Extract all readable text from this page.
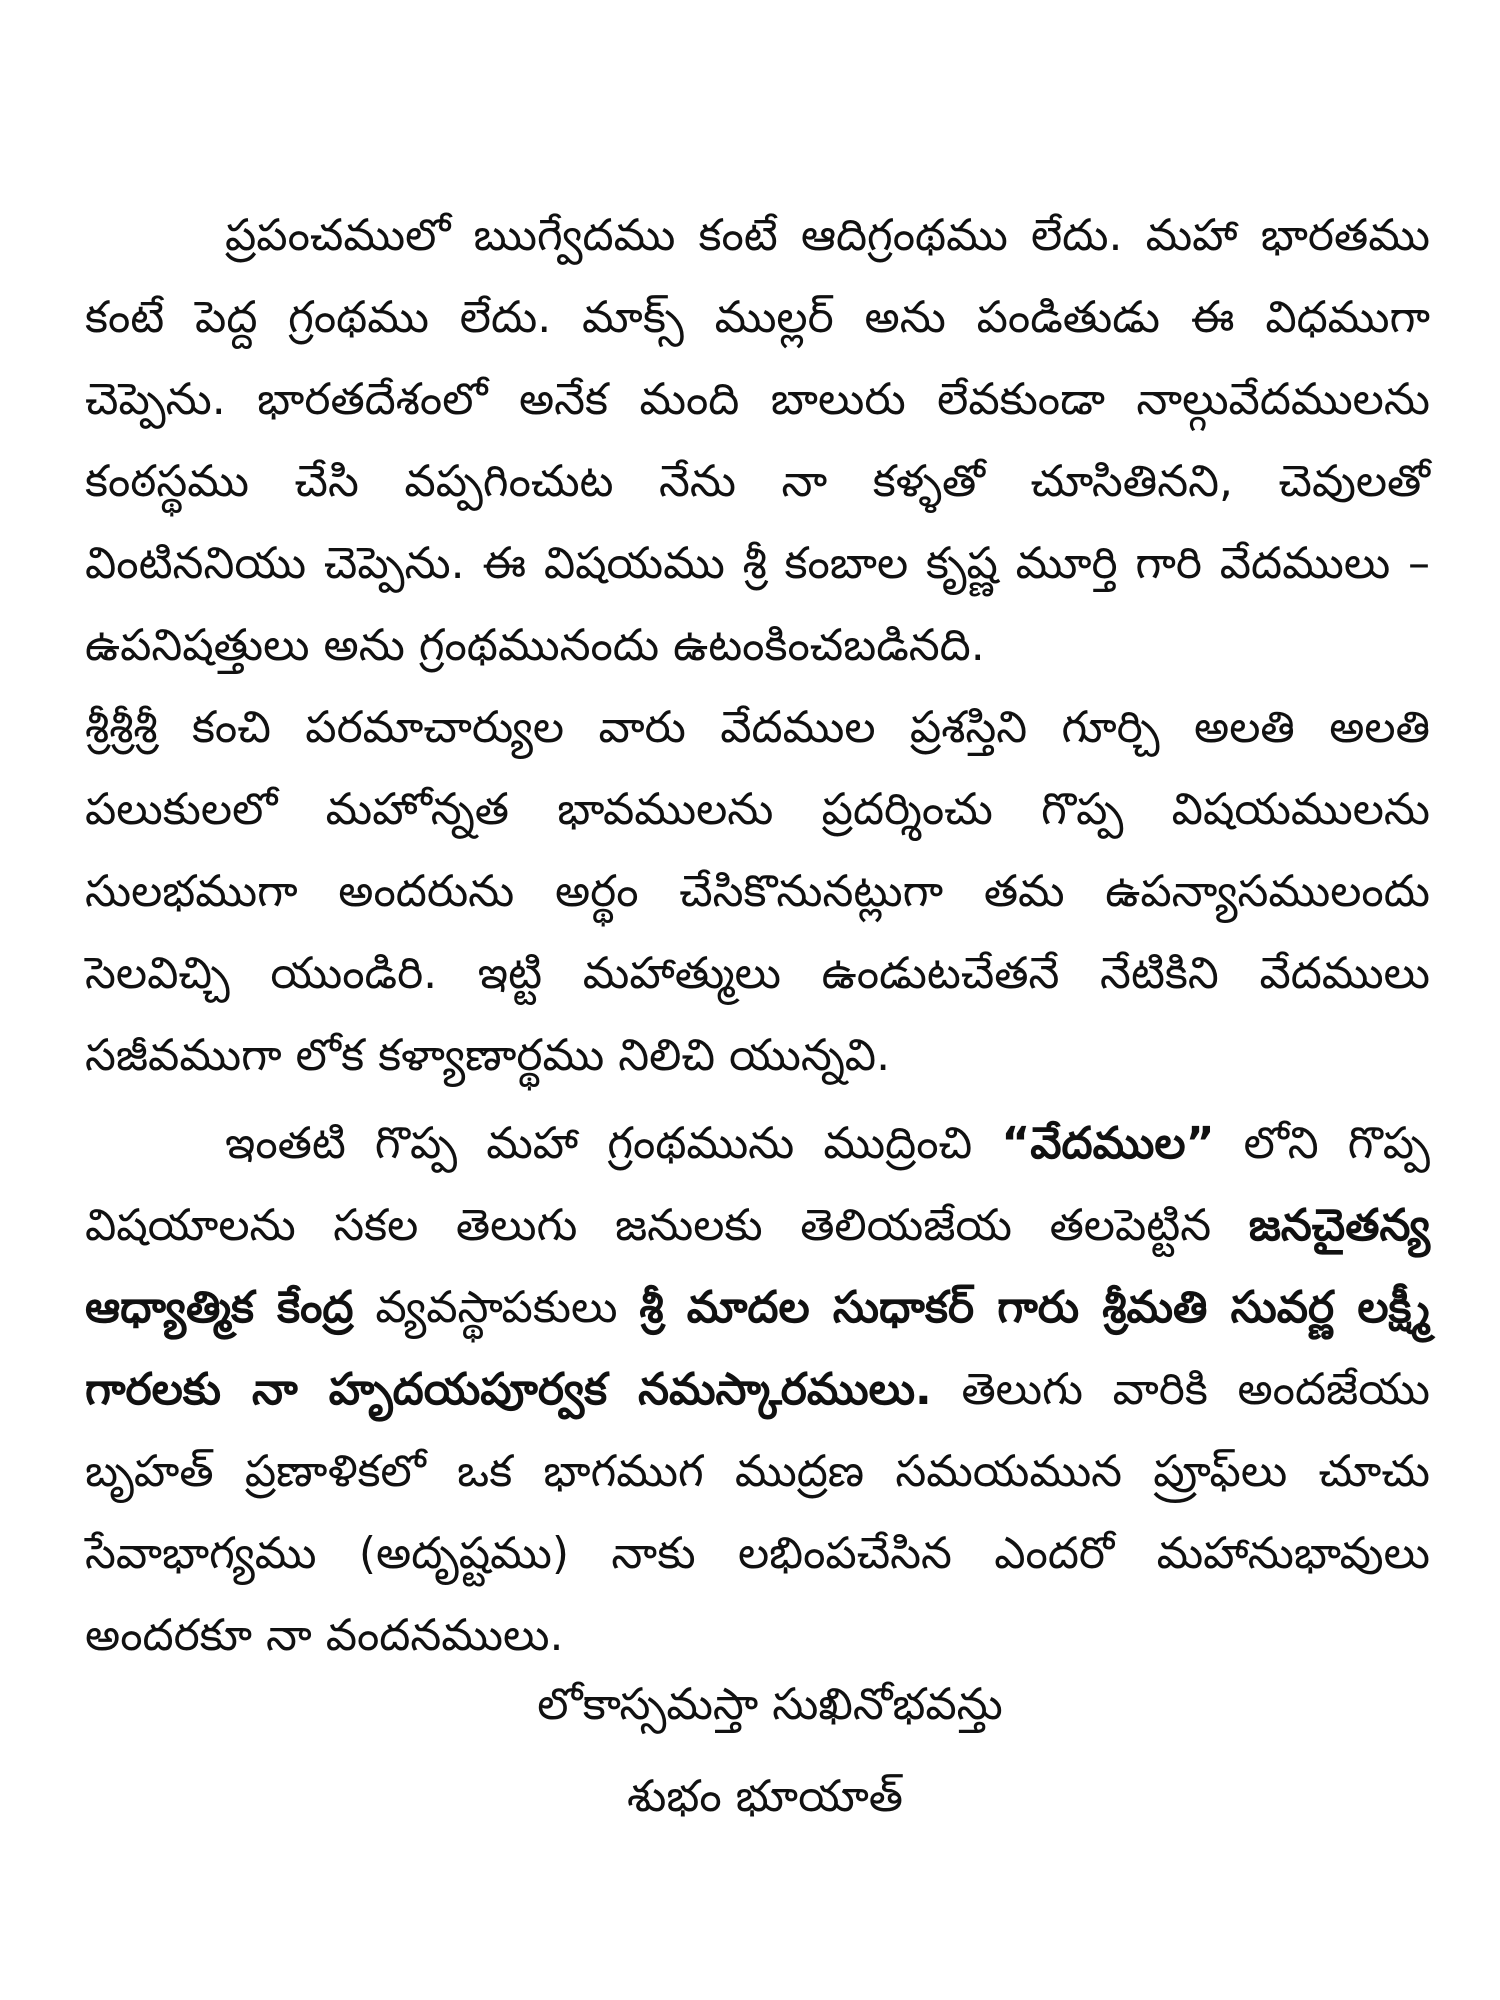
ప్రపంచములో ఋగ్వేదము కంటే ఆదిగ్రంథము లేదు. మహా భారతము కంటే పెద్ద గ్రంథము లేదు. మాక్స్ ముల్లర్ అను పండితుడు ఈ విధముగా చెప్పెను. భారతదేశంలో అనేక మంది బాలురు లేవకుండా నాల్గువేదములను కంఠస్థము చేసి వప్పగించుట నేను నా కళ్ళతో చూసితినని, చెవులతో వింటిననియు చెప్పెను. ఈ విషయము శ్రీ కంబాల కృష్ణ మూర్తి గారి వేదములు – ఉపనిషత్తులు అను గ్రంథమునందు ఉటంకించబడినది.

శ్రీశ్రీశ్రీ కంచి పరమాచార్యుల వారు వేదముల ప్రశస్తిని గూర్చి అలతి అలతి పలుకులలో మహోన్నత భావములను ప్రదర్శించు గొప్ప విషయములను సులభముగా అందరును అర్థం చేసికొనునట్లుగా తమ ఉపన్యాసములందు సెలవిచ్చి యుండిరి. ఇట్టి మహాత్ములు ఉండుటచేతనే నేటికిని వేదములు సజీవముగా లోక కళ్యాణార్థము నిలిచి యున్నవి.

ఇంతటి గొప్ప మహా గ్రంథమును ముద్రించి “వేదముల” లోని గొప్ప విషయాలను సకల తెలుగు జనులకు తెలియజేయ తలపెట్టిన జనచైతన్య ఆధ్యాత్మిక కేంద్ర వ్యవస్థాపకులు శ్రీ మాదల సుధాకర్ గారు శ్రీమతి సువర్ణ లక్ష్మీ గారలకు నా హృదయపూర్వక నమస్కారములు. తెలుగు వారికి అందజేయు బృహత్ ప్రణాళికలో ఒక భాగముగ ముద్రణ సమయమున ప్రూఫ్‌లు చూచు సేవాభాగ్యము (అదృష్టము) నాకు లభింపచేసిన ఎందరో మహానుభావులు అందరకూ నా వందనములు.

లోకాస్సమస్తా సుఖినోభవన్తు
శుభం భూయాత్
